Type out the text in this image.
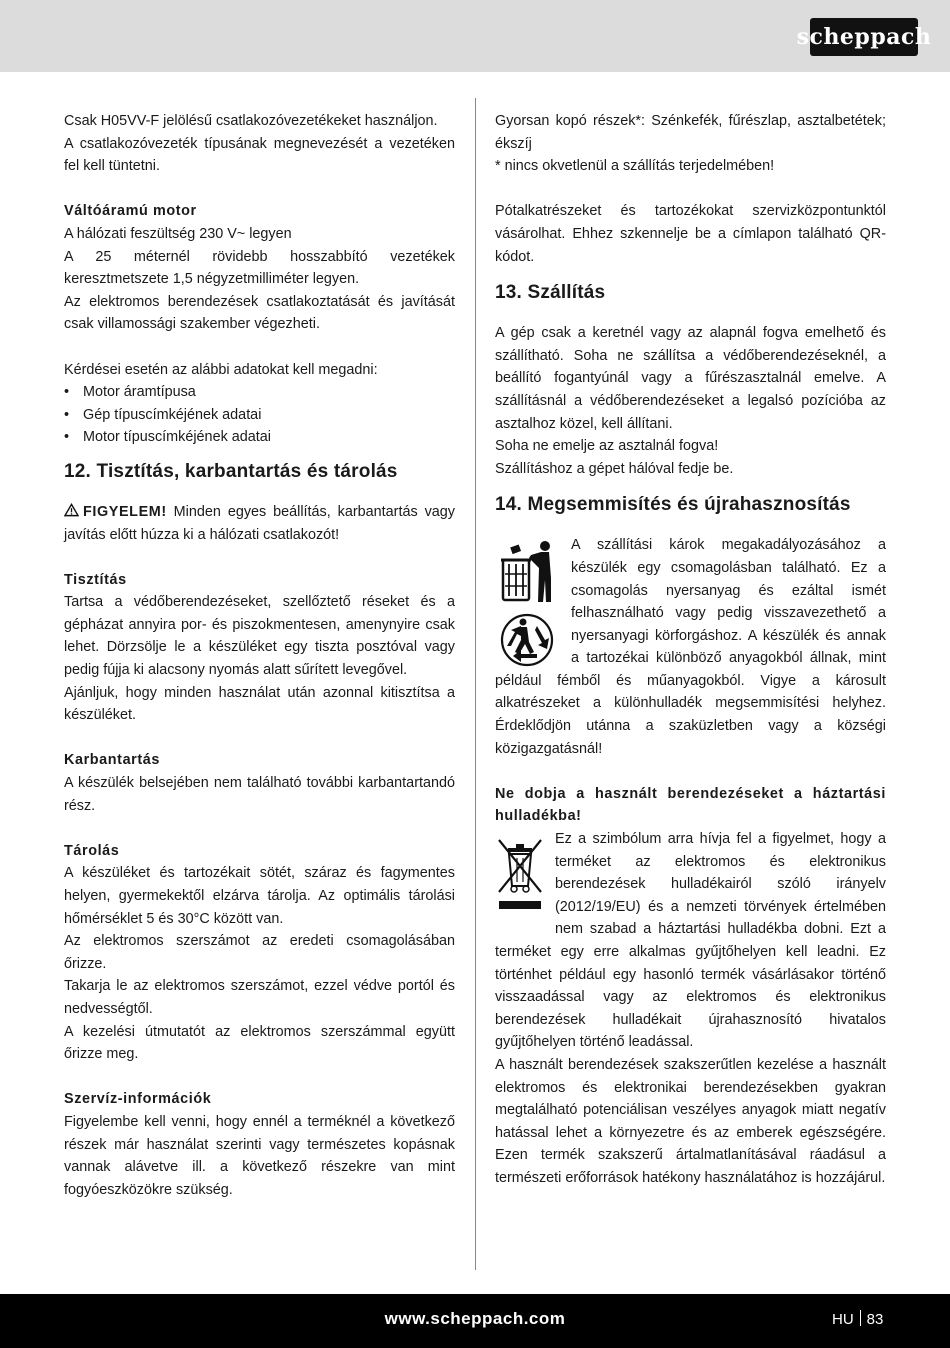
scheppach

Csak H05VV-F jelölésű csatlakozóvezetékeket használjon.

A csatlakozóvezeték típusának megnevezését a vezetéken fel kell tüntetni.

Váltóáramú motor

A hálózati feszültség 230 V~ legyen

A 25 méternél rövidebb hosszabbító vezetékek keresztmetszete 1,5 négyzetmilliméter legyen.

Az elektromos berendezések csatlakoztatását és javítását csak villamossági szakember végezheti.

Kérdései esetén az alábbi adatokat kell megadni:

• Motor áramtípusa
• Gép típuscímkéjének adatai
• Motor típuscímkéjének adatai
12. Tisztítás, karbantartás és tárolás

FIGYELEM! Minden egyes beállítás, karbantartás vagy javítás előtt húzza ki a hálózati csatlakozót!

Tisztítás

Tartsa a védőberendezéseket, szellőztető réseket és a gépházat annyira por- és piszokmentesen, amenynyire csak lehet. Dörzsölje le a készüléket egy tiszta posztóval vagy pedig fújja ki alacsony nyomás alatt sűrített levegővel.

Ajánljuk, hogy minden használat után azonnal kitisztítsa a készüléket.

Karbantartás

A készülék belsejében nem található további karbantartandó rész.

Tárolás

A készüléket és tartozékait sötét, száraz és fagymentes helyen, gyermekektől elzárva tárolja. Az optimális tárolási hőmérséklet 5 és 30°C között van.

Az elektromos szerszámot az eredeti csomagolásában őrizze.

Takarja le az elektromos szerszámot, ezzel védve portól és nedvességtől.

A kezelési útmutatót az elektromos szerszámmal együtt őrizze meg.

Szervíz-információk

Figyelembe kell venni, hogy ennél a terméknél a következő részek már használat szerinti vagy természetes kopásnak vannak alávetve ill. a következő részekre van mint fogyóeszközökre szükség.

Gyorsan kopó részek*: Szénkefék, fűrészlap, asztalbetétek; ékszíj

* nincs okvetlenül a szállítás terjedelmében!

Pótalkatrészeket és tartozékokat szervizközpontunktól vásárolhat. Ehhez szkennelje be a címlapon található QR-kódot.

13. Szállítás

A gép csak a keretnél vagy az alapnál fogva emelhető és szállítható. Soha ne szállítsa a védőberendezéseknél, a beállító fogantyúnál vagy a fűrészasztalnál emelve. A szállításnál a védőberendezéseket a legalsó pozícióba az asztalhoz közel, kell állítani.

Soha ne emelje az asztalnál fogva!

Szállításhoz a gépet hálóval fedje be.

14. Megsemmisítés és újrahasznosítás

A szállítási károk megakadályozásához a készülék egy csomagolásban található. Ez a csomagolás nyersanyag és ezáltal ismét felhasználható vagy pedig visszavezethető a nyersanyagi körforgáshoz. A készülék és annak a tartozékai különböző anyagokból állnak, mint például fémből és műanyagokból. Vigye a károsult alkatrészeket a különhulladék megsemmisítési helyhez. Érdeklődjön utánna a szaküzletben vagy a községi közigazgatásnál!

Ne dobja a használt berendezéseket a háztartási hulladékba!

Ez a szimbólum arra hívja fel a figyelmet, hogy a terméket az elektromos és elektronikus berendezések hulladékairól szóló irányelv (2012/19/EU) és a nemzeti törvények értelmében nem szabad a háztartási hulladékba dobni. Ezt a terméket egy erre alkalmas gyűjtőhelyen kell leadni. Ez történhet például egy hasonló termék vásárlásakor történő visszaadással vagy az elektromos és elektronikus berendezések hulladékait újrahasznosító hivatalos gyűjtőhelyen történő leadással.

A használt berendezések szakszerűtlen kezelése a használt elektromos és elektronikai berendezésekben gyakran megtalálható potenciálisan veszélyes anyagok miatt negatív hatással lehet a környezetre és az emberek egészségére. Ezen termék szakszerű ártalmatlanításával ráadásul a természeti erőforrások hatékony használatához is hozzájárul.

www.scheppach.com	HU 83
